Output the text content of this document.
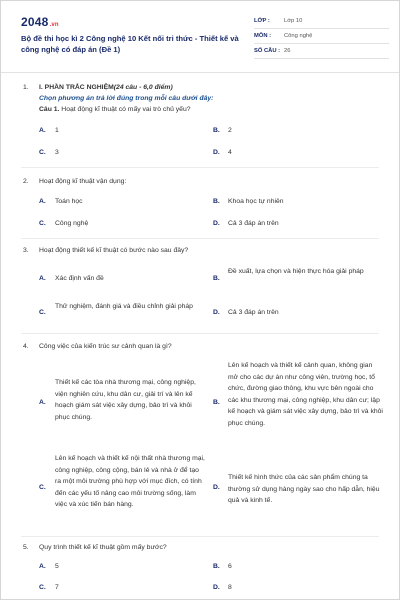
2048.vn
Bộ đề thi học kì 2 Công nghệ 10 Kết nối tri thức - Thiết kế và công nghệ có đáp án (Đề 1)
LỚP : Lớp 10
MÔN : Công nghệ
SỐ CÂU : 26
1. I. PHẦN TRẮC NGHIỆM(24 câu - 6,0 điểm)
Chọn phương án trả lời đúng trong mỗi câu dưới đây:
Câu 1. Hoạt động kĩ thuật có mấy vai trò chủ yếu?
A. 1	B. 2
C. 3	D. 4
2. Hoạt động kĩ thuật vận dụng:
A. Toán học	B. Khoa học tự nhiên
C. Công nghệ	D. Cả 3 đáp án trên
3. Hoạt động thiết kế kĩ thuật có bước nào sau đây?
A. Xác định vấn đề	B.
Đề xuất, lựa chọn và hiện thực hóa giải pháp
C.
Thử nghiệm, đánh giá và điều chỉnh giải pháp
D. Cả 3 đáp án trên
4. Công việc của kiến trúc sư cảnh quan là gì?
A.
Thiết kế các tòa nhà thương mại, công nghiệp, viện nghiên cứu, khu dân cư, giải trí và lên kế hoạch giám sát việc xây dựng, bảo trì và khôi phục chúng.
B.
Lên kế hoạch và thiết kế cảnh quan, không gian mở cho các dự án như công viên, trường học, tổ chức, đường giao thông, khu vực bên ngoài cho các khu thương mại, công nghiệp, khu dân cư; lập kế hoạch và giám sát việc xây dựng, bảo trì và khôi phục chúng.
C.
Lên kế hoạch và thiết kế nội thất nhà thương mại, công nghiệp, công cộng, bán lẻ và nhà ở để tạo ra một môi trường phù hợp với mục đích, có tính đến các yếu tố nâng cao môi trường sống, làm việc và xúc tiến bán hàng.
D.
Thiết kế hình thức của các sản phẩm chúng ta thường sử dụng hàng ngày sao cho hấp dẫn, hiệu quả và kinh tế.
5. Quy trình thiết kế kĩ thuật gồm mấy bước?
A. 5	B. 6
C. 7	D. 8
